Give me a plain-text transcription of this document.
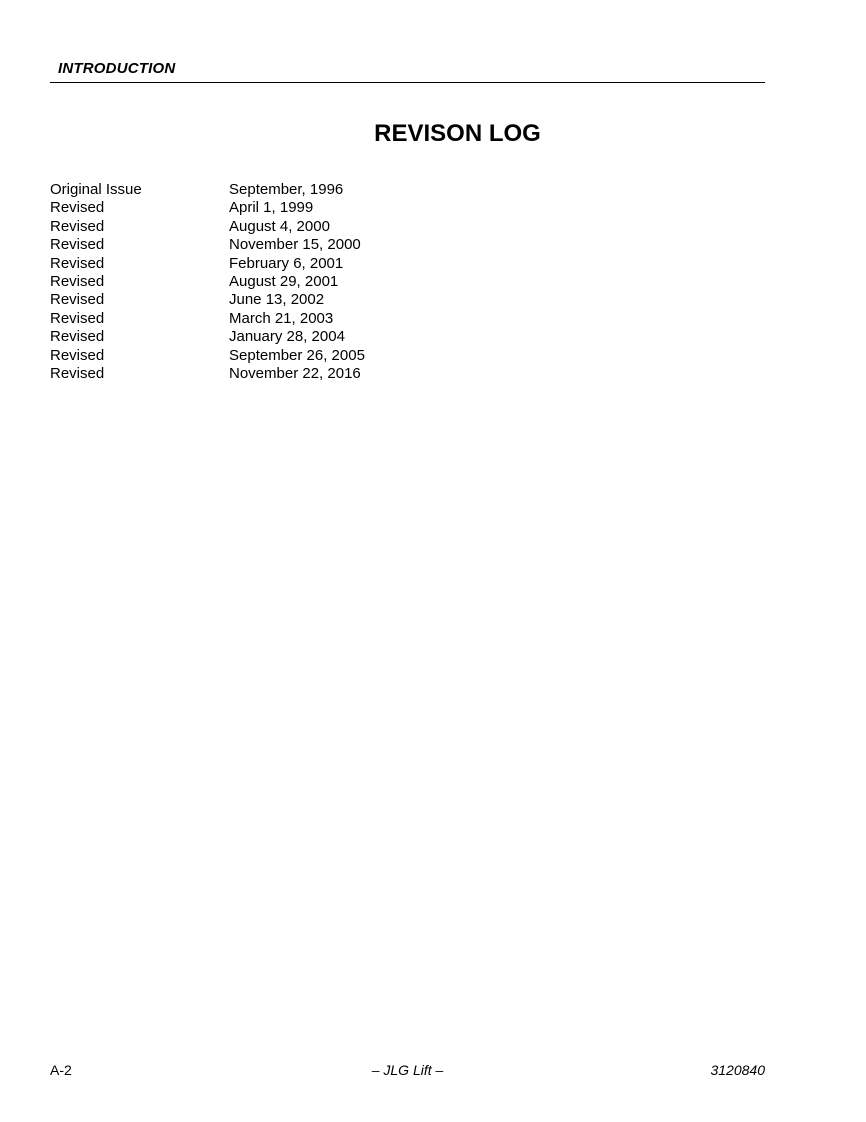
INTRODUCTION
REVISON LOG
Original Issue	September, 1996
Revised	April 1, 1999
Revised	August 4, 2000
Revised	November 15, 2000
Revised	February 6, 2001
Revised	August 29, 2001
Revised	June 13, 2002
Revised	March 21, 2003
Revised	January 28, 2004
Revised	September 26, 2005
Revised	November 22, 2016
A-2	– JLG Lift –	3120840
